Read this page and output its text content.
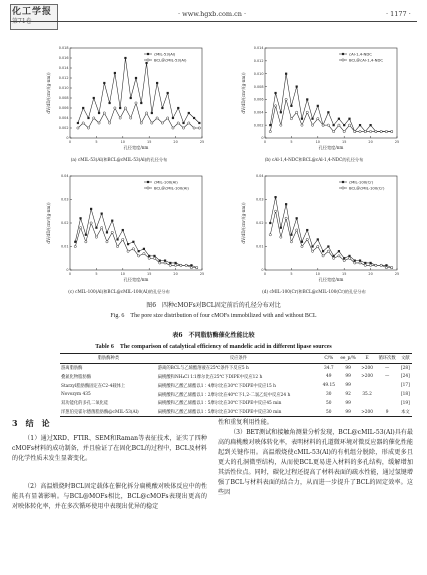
化工学报
第71卷
· www.hgxb.com.cn ·	· 1177 ·
0	5	10	15	20	25
0
0.002
0.004
0.006
0.008
0.010
0.012
0.014
0.016
0.018
孔径宽度/nm
dV/dD/(cm³/(g·nm))
(a) cMIL-53(Al)和BCL@cMIL-53(Al)的孔径分布
cMIL-53(Al)
BCL@cMIL-53(Al)
0	5	10	15	20	25
0
0.002
0.004
0.006
0.008
0.010
0.012
0.014
孔径宽度/nm
dV/dD/(cm³/(g·nm))
(b) cAl-1,4-NDC和BCL@cAl-1,4-NDC的孔径分布
cAl-1,4-NDC
BCL@cAl-1,4-NDC
0	5	10	15	20	25
0
0.01
0.02
0.03
0.04
孔径宽度/nm
dV/dD/(cm³/(g·nm))
(c) cMIL-100(Al)和BCL@cMIL-100(Al)的孔径分布
cMIL-100(Al)
BCL@cMIL-100(Al)
0	5	10	15	20	25
0
0.01
0.02
0.03
0.04
孔径宽度/nm
dV/dD/(cm³/(g·nm))
(d) cMIL-100(Cr)和BCL@cMIL-100(Cr)的孔径分布
cMIL-100(Cr)
BCL@cMIL-100(Cr)
图6　四种cMOFs对BCL固定前后的孔径分布对比
Fig. 6　The pore size distribution of four cMOFs immobilized with and without BCL
表6　不同脂肪酶催化性能比较
Table 6　The comparison of catalytical efficiency of mandelic acid in different lipase sources
脂肪酶种类	反应条件	C/%	ee_p/%	E	循环次数	文献
游离脂肪酶	游离的BCL与乙烯酯溶液在25℃条件下反应5 h	34.7	99	>200	—	[28]
叠氮化物脂肪酶	扁桃酸和NH₄Cl 1∶1摩尔比在25℃下DIPE中反应12 h	49	99	>200	—	[24]
Starzyl脂肪酶固定在C2-4载体上	扁桃酸和乙酸乙烯酯以1∶4摩尔比在30℃下DIPE中反应15 h	49.15	99			[17]
Novozym 435	扁桃酸和乙酸乙烯酯以1∶2摩尔比在40℃下1,2-二氯乙烷中反应24 h	30	92	35.2		[18]
双功能化的多孔二氧化硅	扁桃酸和乙酸乙烯酯以1∶5摩尔比在30℃下DIPE中反应45 min	50	99			[19]
洋葱伯克霍尔德菌脂肪酶@cMIL-53(Al)	扁桃酸和乙酸乙烯酯以1∶5摩尔比在30℃下DIPE中反应30 min	50	99	>200	9	本文
3　结　论
（1）通过XRD、FTIR、SEM和Raman等表征技术，证实了四种cMOFs材料的成功制备，并且验证了在固化BCL的过程中，BCL及材料的化学性质未发生显著变化。
（2）高温煅烧时BCL固定载体在催化拆分扁桃酸对映体反应中的性能具有显著影响。与BCL@MOFs相比，BCL@cMOFs表现出更高的对映体转化率，并在多次循环使用中表现出优异的稳定
性和重复利用性能。
（3）BET测试和接触角测量分析发现，BCL@cMIL-53(Al)具有最高的扁桃酸对映体转化率，表明材料的孔道微环境对微反应器的催化性能起到关键作用。高温煅烧使cMIL-53(Al)的有机组分脱除，形成更多且更大的孔洞微型结构，从而使BCL更易进入材料的多孔结构，缓解增加其活性位点。同时，碳化过程还提高了材料表面的疏水性能，通过氢键增强了BCL与材料表面的结合力，从而进一步提升了BCL的固定效率。这些因
